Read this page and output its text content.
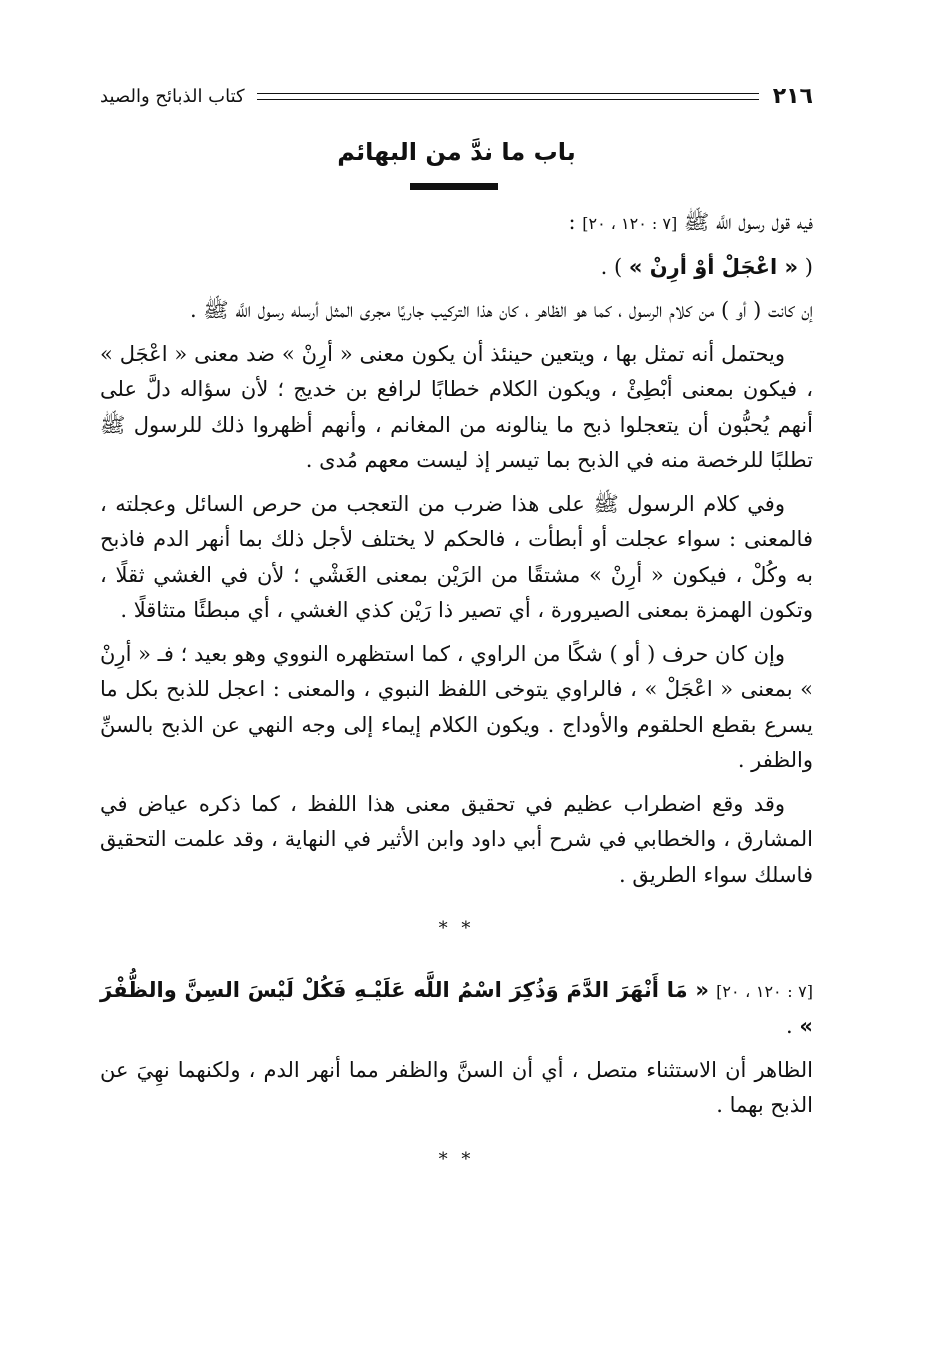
٢١٦
كتاب الذبائح والصيد
باب ما ندَّ من البهائم

فيه قول رسول اللَّه ﷺ [٧ : ١٢٠ ، ٢٠] :

( « اعْجَلْ أوْ أرِنْ » ) .

إن كانت ( أو ) من كلام الرسول ، كما هو الظاهر ، كان هذا التركيب جاريًا مجرى المثل أرسله رسول اللَّه ﷺ .

ويحتمل أنه تمثل بها ، ويتعين حينئذ أن يكون معنى « أرِنْ » ضد معنى « اعْجَل » ، فيكون بمعنى أبْطِئْ ، ويكون الكلام خطابًا لرافع بن خديج ؛ لأن سؤاله دلَّ على أنهم يُحبُّون أن يتعجلوا ذبح ما ينالونه من المغانم ، وأنهم أظهروا ذلك للرسول ﷺ تطلبًا للرخصة منه في الذبح بما تيسر إذ ليست معهم مُدى .

وفي كلام الرسول ﷺ على هذا ضرب من التعجب من حرص السائل وعجلته ، فالمعنى : سواء عجلت أو أبطأت ، فالحكم لا يختلف لأجل ذلك بما أنهر الدم فاذبح به وكُلْ ، فيكون « أرِنْ » مشتقًا من الرَيْن بمعنى الغَشْي ؛ لأن في الغشي ثقلًا ، وتكون الهمزة بمعنى الصيرورة ، أي تصير ذا رَيْن كذي الغشي ، أي مبطئًا متثاقلًا .

وإن كان حرف ( أو ) شكًا من الراوي ، كما استظهره النووي وهو بعيد ؛ فـ « أرِنْ » بمعنى « اعْجَلْ » ، فالراوي يتوخى اللفظ النبوي ، والمعنى : اعجل للذبح بكل ما يسرع بقطع الحلقوم والأوداج . ويكون الكلام إيماء إلى وجه النهي عن الذبح بالسنِّ والظفر .

وقد وقع اضطراب عظيم في تحقيق معنى هذا اللفظ ، كما ذكره عياض في المشارق ، والخطابي في شرح أبي داود وابن الأثير في النهاية ، وقد علمت التحقيق فاسلك سواء الطريق .

* *

[٧ : ١٢٠ ، ٢٠] « مَا أَنْهَرَ الدَّمَ وَذُكِرَ اسْمُ اللَّه عَلَيْـهِ فَكُلْ لَيْسَ السِنَّ والظُّفْرَ » .

الظاهر أن الاستثناء متصل ، أي أن السنَّ والظفر مما أنهر الدم ، ولكنهما نهِيَ عن الذبح بهما .

* *
